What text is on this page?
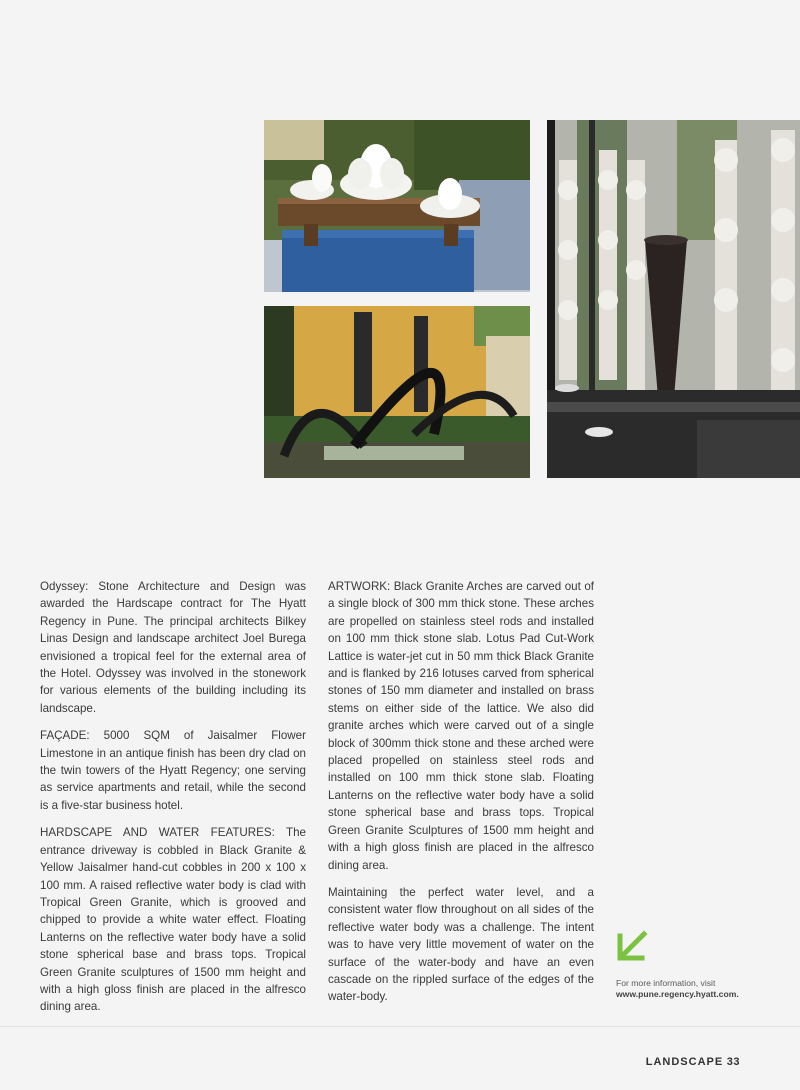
Odyssey: Stone Architecture and Design was awarded the Hardscape contract for The Hyatt Regency in Pune. The principal architects Bilkey Linas Design and landscape architect Joel Burega envisioned a tropical feel for the external area of the Hotel. Odyssey was involved in the stonework for various elements of the building including its landscape.

FAÇADE: 5000 SQM of Jaisalmer Flower Limestone in an antique finish has been dry clad on the twin towers of the Hyatt Regency; one serving as service apartments and retail, while the second is a five-star business hotel.

HARDSCAPE AND WATER FEATURES: The entrance driveway is cobbled in Black Granite & Yellow Jaisalmer hand-cut cobbles in 200 x 100 x 100 mm. A raised reflective water body is clad with Tropical Green Granite, which is grooved and chipped to provide a white water effect. Floating Lanterns on the reflective water body have a solid stone spherical base and brass tops. Tropical Green Granite sculptures of 1500 mm height and with a high gloss finish are placed in the alfresco dining area.

ARTWORK: Black Granite Arches are carved out of a single block of 300 mm thick stone. These arches are propelled on stainless steel rods and installed on 100 mm thick stone slab. Lotus Pad Cut-Work Lattice is water-jet cut in 50 mm thick Black Granite and is flanked by 216 lotuses carved from spherical stones of 150 mm diameter and installed on brass stems on either side of the lattice. We also did granite arches which were carved out of a single block of 300mm thick stone and these arched were placed propelled on stainless steel rods and installed on 100 mm thick stone slab. Floating Lanterns on the reflective water body have a solid stone spherical base and brass tops. Tropical Green Granite Sculptures of 1500 mm height and with a high gloss finish are placed in the alfresco dining area.

Maintaining the perfect water level, and a consistent water flow throughout on all sides of the reflective water body was a challenge. The intent was to have very little movement of water on the surface of the water-body and have an even cascade on the rippled surface of the edges of the water-body.

For more information, visit
www.pune.regency.hyatt.com.
LANDSCAPE 33
